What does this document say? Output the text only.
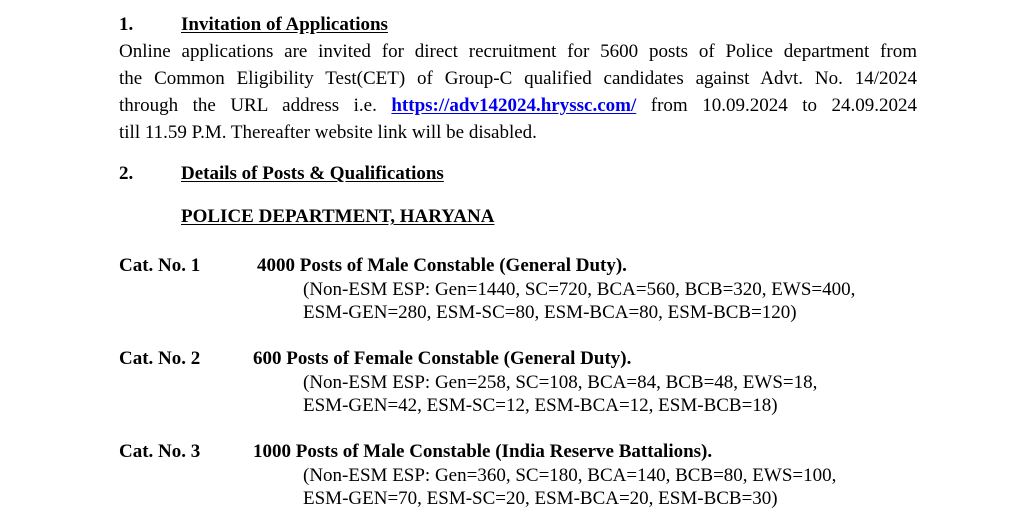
1.	Invitation of Applications
Online applications are invited for direct recruitment for 5600 posts of Police department from
the Common Eligibility Test(CET) of Group-C qualified candidates against Advt. No. 14/2024
through the URL address i.e. https://adv142024.hryssc.com/ from 10.09.2024 to 24.09.2024
till 11.59 P.M. Thereafter website link will be disabled.
2.	Details of Posts & Qualifications
POLICE DEPARTMENT, HARYANA
Cat. No. 1	4000 Posts of Male Constable (General Duty).
(Non-ESM ESP: Gen=1440, SC=720, BCA=560, BCB=320, EWS=400,
ESM-GEN=280, ESM-SC=80, ESM-BCA=80, ESM-BCB=120)
Cat. No. 2	600 Posts of Female Constable (General Duty).
(Non-ESM ESP: Gen=258, SC=108, BCA=84, BCB=48, EWS=18,
ESM-GEN=42, ESM-SC=12, ESM-BCA=12, ESM-BCB=18)
Cat. No. 3	1000 Posts of Male Constable (India Reserve Battalions).
(Non-ESM ESP: Gen=360, SC=180, BCA=140, BCB=80, EWS=100,
ESM-GEN=70, ESM-SC=20, ESM-BCA=20, ESM-BCB=30)
